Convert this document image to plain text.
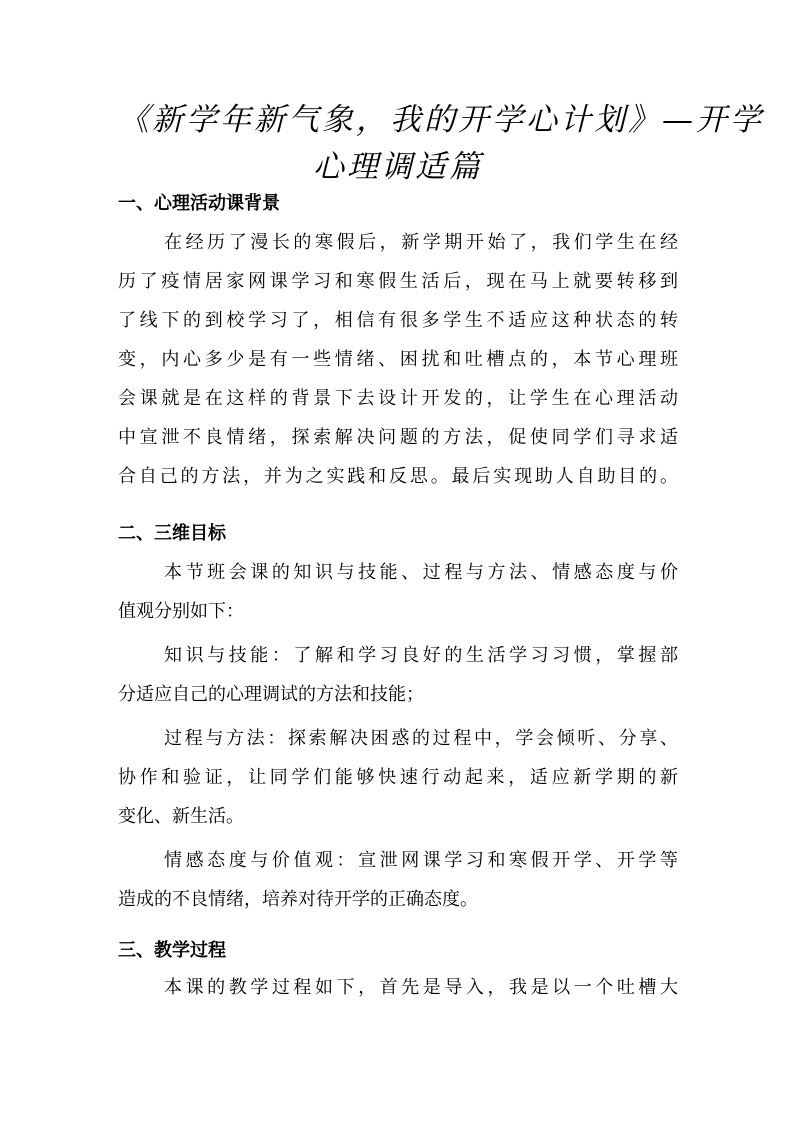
《新学年新气象，我的开学心计划》—开学
心理调适篇
一、心理活动课背景
在经历了漫长的寒假后，新学期开始了，我们学生在经
历了疫情居家网课学习和寒假生活后，现在马上就要转移到
了线下的到校学习了，相信有很多学生不适应这种状态的转
变，内心多少是有一些情绪、困扰和吐槽点的，本节心理班
会课就是在这样的背景下去设计开发的，让学生在心理活动
中宣泄不良情绪，探索解决问题的方法，促使同学们寻求适
合自己的方法，并为之实践和反思。最后实现助人自助目的。
二、三维目标
本节班会课的知识与技能、过程与方法、情感态度与价
值观分别如下：
知识与技能：了解和学习良好的生活学习习惯，掌握部
分适应自己的心理调试的方法和技能；
过程与方法：探索解决困惑的过程中，学会倾听、分享、
协作和验证，让同学们能够快速行动起来，适应新学期的新
变化、新生活。
情感态度与价值观：宣泄网课学习和寒假开学、开学等
造成的不良情绪，培养对待开学的正确态度。
三、教学过程
本课的教学过程如下，首先是导入，我是以一个吐槽大
